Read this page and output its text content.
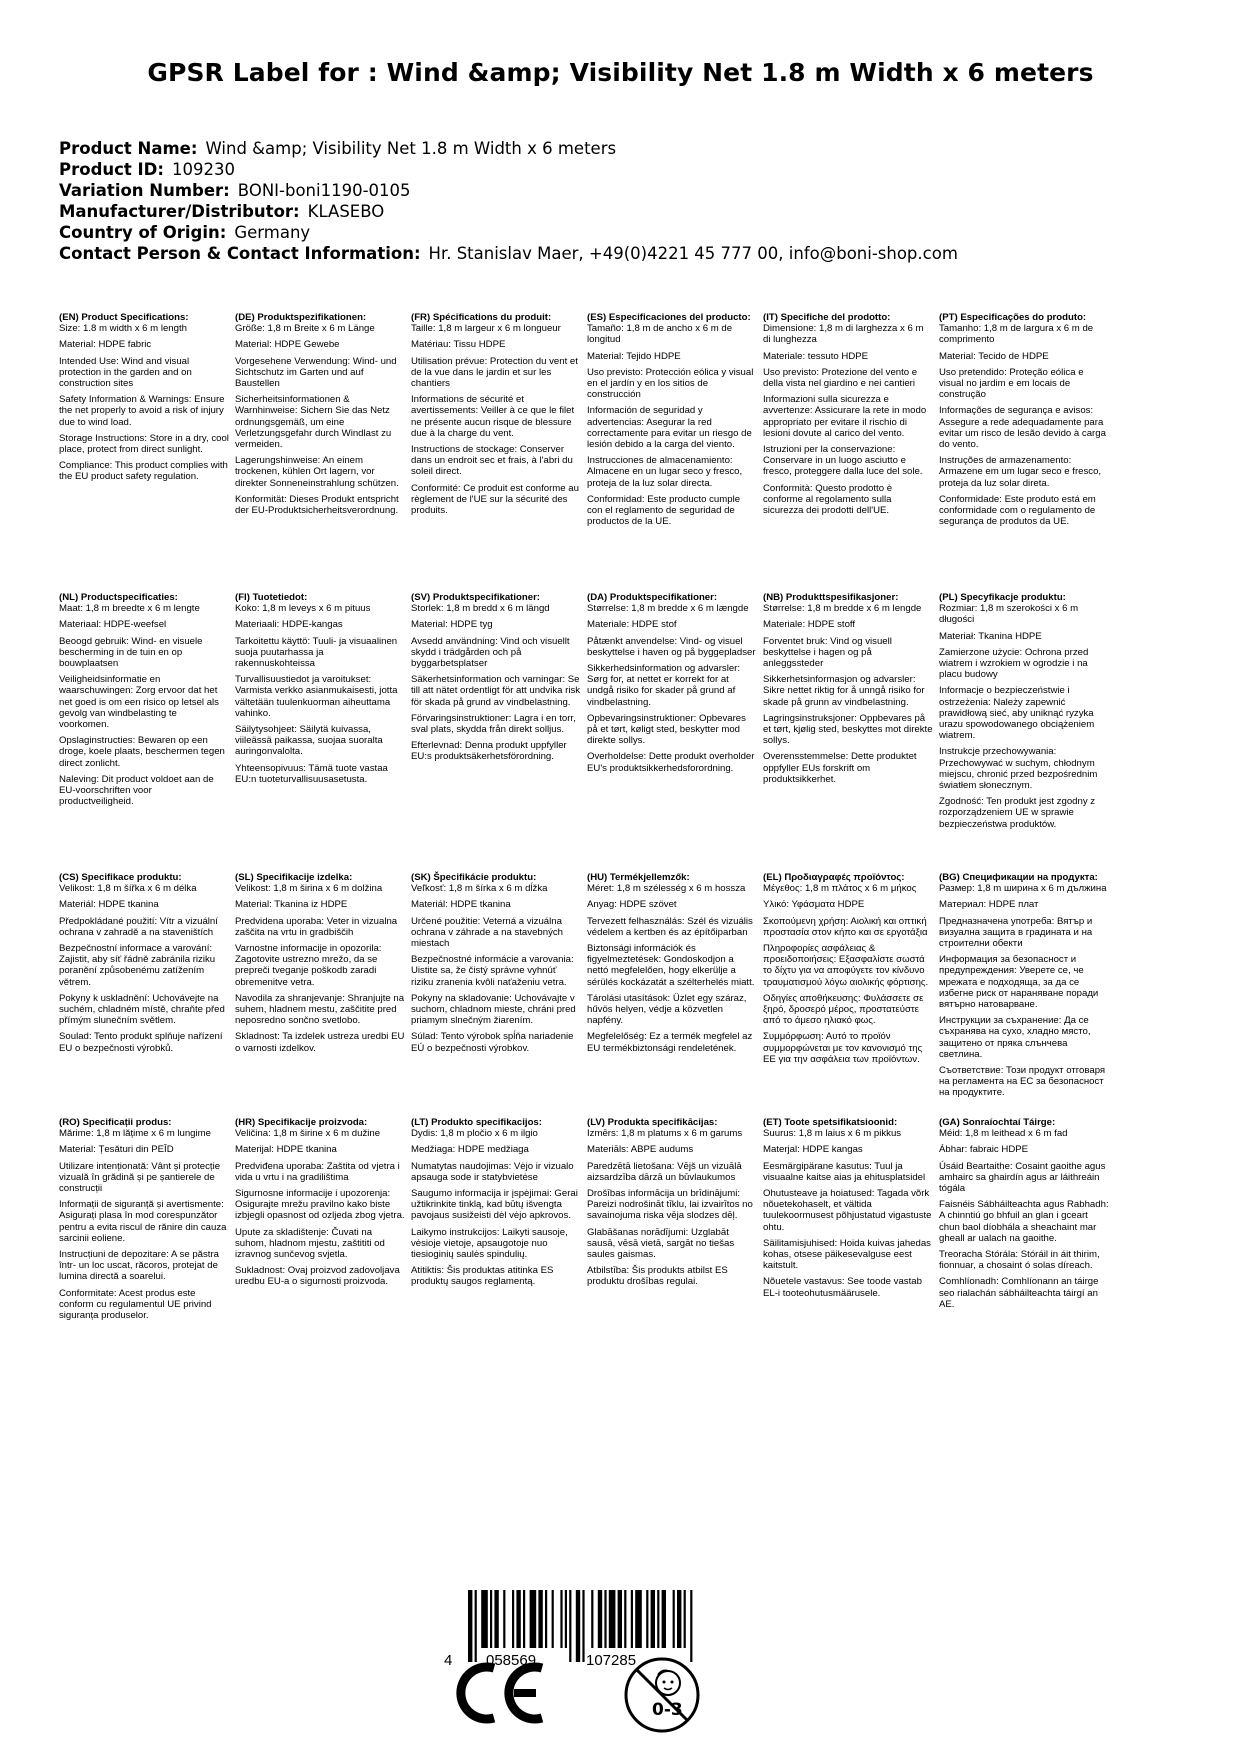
GPSR Label for : Wind &amp; Visibility Net 1.8 m Width x 6 meters
Product Name: Wind &amp; Visibility Net 1.8 m Width x 6 meters
Product ID: 109230
Variation Number: BONI-boni1190-0105
Manufacturer/Distributor: KLASEBO
Country of Origin: Germany
Contact Person & Contact Information: Hr. Stanislav Maer, +49(0)4221 45 777 00, info@boni-shop.com
(EN) Product Specifications:

Size: 1.8 m width x 6 m length

Material: HDPE fabric

Intended Use: Wind and visual protection in the garden and on construction sites

Safety Information & Warnings: Ensure the net properly to avoid a risk of injury due to wind load.

Storage Instructions: Store in a dry, cool place, protect from direct sunlight.

Compliance: This product complies with the EU product safety regulation.

(DE) Produktspezifikationen:

Größe: 1,8 m Breite x 6 m Länge

Material: HDPE Gewebe

Vorgesehene Verwendung: Wind- und Sichtschutz im Garten und auf Baustellen

Sicherheitsinformationen & Warnhinweise: Sichern Sie das Netz ordnungsgemäß, um eine Verletzungsgefahr durch Windlast zu vermeiden.

Lagerungshinweise: An einem trockenen, kühlen Ort lagern, vor direkter Sonneneinstrahlung schützen.

Konformität: Dieses Produkt entspricht der EU-Produktsicherheitsverordnung.

(FR) Spécifications du produit:

Taille: 1,8 m largeur x 6 m longueur

Matériau: Tissu HDPE

Utilisation prévue: Protection du vent et de la vue dans le jardin et sur les chantiers

Informations de sécurité et avertissements: Veiller à ce que le filet ne présente aucun risque de blessure due à la charge du vent.

Instructions de stockage: Conserver dans un endroit sec et frais, à l'abri du soleil direct.

Conformité: Ce produit est conforme au règlement de l'UE sur la sécurité des produits.

(ES) Especificaciones del producto:

Tamaño: 1,8 m de ancho x 6 m de longitud

Material: Tejido HDPE

Uso previsto: Protección eólica y visual en el jardín y en los sitios de construcción

Información de seguridad y advertencias: Asegurar la red correctamente para evitar un riesgo de lesión debido a la carga del viento.

Instrucciones de almacenamiento: Almacene en un lugar seco y fresco, proteja de la luz solar directa.

Conformidad: Este producto cumple con el reglamento de seguridad de productos de la UE.

(IT) Specifiche del prodotto:

Dimensione: 1,8 m di larghezza x 6 m di lunghezza

Materiale: tessuto HDPE

Uso previsto: Protezione del vento e della vista nel giardino e nei cantieri

Informazioni sulla sicurezza e avvertenze: Assicurare la rete in modo appropriato per evitare il rischio di lesioni dovute al carico del vento.

Istruzioni per la conservazione: Conservare in un luogo asciutto e fresco, proteggere dalla luce del sole.

Conformità: Questo prodotto è conforme al regolamento sulla sicurezza dei prodotti dell'UE.

(PT) Especificações do produto:

Tamanho: 1,8 m de largura x 6 m de comprimento

Material: Tecido de HDPE

Uso pretendido: Proteção eólica e visual no jardim e em locais de construção

Informações de segurança e avisos: Assegure a rede adequadamente para evitar um risco de lesão devido à carga do vento.

Instruções de armazenamento: Armazene em um lugar seco e fresco, proteja da luz solar direta.

Conformidade: Este produto está em conformidade com o regulamento de segurança de produtos da UE.

(NL) Productspecificaties:

Maat: 1,8 m breedte x 6 m lengte

Materiaal: HDPE-weefsel

Beoogd gebruik: Wind- en visuele bescherming in de tuin en op bouwplaatsen

Veiligheidsinformatie en waarschuwingen: Zorg ervoor dat het net goed is om een risico op letsel als gevolg van windbelasting te voorkomen.

Opslaginstructies: Bewaren op een droge, koele plaats, beschermen tegen direct zonlicht.

Naleving: Dit product voldoet aan de EU-voorschriften voor productveiligheid.

(FI) Tuotetiedot:

Koko: 1,8 m leveys x 6 m pituus

Materiaali: HDPE-kangas

Tarkoitettu käyttö: Tuuli- ja visuaalinen suoja puutarhassa ja rakennuskohteissa

Turvallisuustiedot ja varoitukset: Varmista verkko asianmukaisesti, jotta vältetään tuulenkuorman aiheuttama vahinko.

Säilytysohjeet: Säilytä kuivassa, viileässä paikassa, suojaa suoralta auringonvalolta.

Yhteensopivuus: Tämä tuote vastaa EU:n tuoteturvallisuusasetusta.

(SV) Produktspecifikationer:

Storlek: 1,8 m bredd x 6 m längd

Material: HDPE tyg

Avsedd användning: Vind och visuellt skydd i trädgården och på byggarbetsplatser

Säkerhetsinformation och varningar: Se till att nätet ordentligt för att undvika risk för skada på grund av vindbelastning.

Förvaringsinstruktioner: Lagra i en torr, sval plats, skydda från direkt solljus.

Efterlevnad: Denna produkt uppfyller EU:s produktsäkerhetsförordning.

(DA) Produktspecifikationer:

Størrelse: 1,8 m bredde x 6 m længde

Materiale: HDPE stof

Påtænkt anvendelse: Vind- og visuel beskyttelse i haven og på byggepladser

Sikkerhedsinformation og advarsler: Sørg for, at nettet er korrekt for at undgå risiko for skader på grund af vindbelastning.

Opbevaringsinstruktioner: Opbevares på et tørt, køligt sted, beskytter mod direkte sollys.

Overholdelse: Dette produkt overholder EU's produktsikkerhedsforordning.

(NB) Produkttspesifikasjoner:

Størrelse: 1,8 m bredde x 6 m lengde

Materiale: HDPE stoff

Forventet bruk: Vind og visuell beskyttelse i hagen og på anleggssteder

Sikkerhetsinformasjon og advarsler: Sikre nettet riktig for å unngå risiko for skade på grunn av vindbelastning.

Lagringsinstruksjoner: Oppbevares på et tørt, kjølig sted, beskyttes mot direkte sollys.

Overensstemmelse: Dette produktet oppfyller EUs forskrift om produktsikkerhet.

(PL) Specyfikacje produktu:

Rozmiar: 1,8 m szerokości x 6 m długości

Materiał: Tkanina HDPE

Zamierzone użycie: Ochrona przed wiatrem i wzrokiem w ogrodzie i na placu budowy

Informacje o bezpieczeństwie i ostrzeżenia: Należy zapewnić prawidłową sieć, aby uniknąć ryzyka urazu spowodowanego obciążeniem wiatrem.

Instrukcje przechowywania: Przechowywać w suchym, chłodnym miejscu, chronić przed bezpośrednim światłem słonecznym.

Zgodność: Ten produkt jest zgodny z rozporządzeniem UE w sprawie bezpieczeństwa produktów.

(CS) Specifikace produktu:

Velikost: 1,8 m šířka x 6 m délka

Materiál: HDPE tkanina

Předpokládané použití: Vítr a vizuální ochrana v zahradě a na staveništích

Bezpečnostní informace a varování: Zajistit, aby síť řádně zabránila riziku poranění způsobenému zatížením větrem.

Pokyny k uskladnění: Uchovávejte na suchém, chladném místě, chraňte před přímým slunečním světlem.

Soulad: Tento produkt splňuje nařízení EU o bezpečnosti výrobků.

(SL) Specifikacije izdelka:

Velikost: 1,8 m širina x 6 m dolžina

Material: Tkanina iz HDPE

Predvidena uporaba: Veter in vizualna zaščita na vrtu in gradbiščih

Varnostne informacije in opozorila: Zagotovite ustrezno mrežo, da se prepreči tveganje poškodb zaradi obremenitve vetra.

Navodila za shranjevanje: Shranjujte na suhem, hladnem mestu, zaščitite pred neposredno sončno svetlobo.

Skladnost: Ta izdelek ustreza uredbi EU o varnosti izdelkov.

(SK) Špecifikácie produktu:

Veľkosť: 1,8 m šírka x 6 m dĺžka

Materiál: HDPE tkanina

Určené použitie: Veterná a vizuálna ochrana v záhrade a na stavebných miestach

Bezpečnostné informácie a varovania: Uistite sa, že čistý správne vyhnúť riziku zranenia kvôli naťaženiu vetra.

Pokyny na skladovanie: Uchovávajte v suchom, chladnom mieste, chráni pred priamym slnečným žiarením.

Súlad: Tento výrobok spĺňa nariadenie EÚ o bezpečnosti výrobkov.

(HU) Termékjellemzők:

Méret: 1,8 m szélesség x 6 m hossza

Anyag: HDPE szövet

Tervezett felhasználás: Szél és vizuális védelem a kertben és az építőiparban

Biztonsági információk és figyelmeztetések: Gondoskodjon a nettó megfelelően, hogy elkerülje a sérülés kockázatát a szélterhelés miatt.

Tárolási utasítások: Üzlet egy száraz, hűvös helyen, védje a közvetlen napfény.

Megfelelőség: Ez a termék megfelel az EU termékbiztonsági rendeletének.

(EL) Προδιαγραφές προϊόντος:

Μέγεθος: 1,8 m πλάτος x 6 m μήκος

Υλικό: Υφάσματα HDPE

Σκοπούμενη χρήση: Αιολική και οπτική προστασία στον κήπο και σε εργοτάξια

Πληροφορίες ασφάλειας & προειδοποιήσεις: Εξασφαλίστε σωστά το δίχτυ για να αποφύγετε τον κίνδυνο τραυματισμού λόγω αιολικής φόρτισης.

Οδηγίες αποθήκευσης: Φυλάσσετε σε ξηρό, δροσερό μέρος, προστατεύστε από το άμεσο ηλιακό φως.

Συμμόρφωση: Αυτό το προϊόν συμμορφώνεται με τον κανονισμό της ΕΕ για την ασφάλεια των προϊόντων.

(BG) Спецификации на продукта:

Размер: 1,8 m ширина x 6 m дължина

Материал: HDPE плат

Предназначена употреба: Вятър и визуална защита в градината и на строителни обекти

Информация за безопасност и предупреждения: Уверете се, че мрежата е подходяща, за да се избегне риск от нараняване поради вятърно натоварване.

Инструкции за съхранение: Да се съхранява на сухо, хладно място, защитено от пряка слънчева светлина.

Съответствие: Този продукт отговаря на регламента на ЕС за безопасност на продуктите.

(RO) Specificații produs:

Mărime: 1,8 m lățime x 6 m lungime

Material: Țesături din PEÎD

Utilizare intenționată: Vânt și protecție vizuală în grădină și pe șantierele de construcții

Informații de siguranță și avertismente: Asigurați plasa în mod corespunzător pentru a evita riscul de rănire din cauza sarcinii eoliene.

Instrucțiuni de depozitare: A se păstra într- un loc uscat, răcoros, protejat de lumina directă a soarelui.

Conformitate: Acest produs este conform cu regulamentul UE privind siguranța produselor.

(HR) Specifikacije proizvoda:

Veličina: 1,8 m širine x 6 m dužine

Materijal: HDPE tkanina

Predviđena uporaba: Zaštita od vjetra i vida u vrtu i na gradilištima

Sigurnosne informacije i upozorenja: Osigurajte mrežu pravilno kako biste izbjegli opasnost od ozljeda zbog vjetra.

Upute za skladištenje: Čuvati na suhom, hladnom mjestu, zaštititi od izravnog sunčevog svjetla.

Sukladnost: Ovaj proizvod zadovoljava uredbu EU-a o sigurnosti proizvoda.

(LT) Produkto specifikacijos:

Dydis: 1,8 m pločio x 6 m ilgio

Medžiaga: HDPE medžiaga

Numatytas naudojimas: Vėjo ir vizualo apsauga sode ir statybvietėse

Saugumo informacija ir įspėjimai: Gerai užtikrinkite tinklą, kad būtų išvengta pavojaus susižeisti dėl vėjo apkrovos.

Laikymo instrukcijos: Laikyti sausoje, vėsioje vietoje, apsaugotoje nuo tiesioginių saulės spindulių.

Atitiktis: Šis produktas atitinka ES produktų saugos reglamentą.

(LV) Produkta specifikācijas:

Izmērs: 1,8 m platums x 6 m garums

Materiāls: ABPE audums

Paredzētā lietošana: Vējš un vizuālā aizsardzība dārzā un būvlaukumos

Drošības informācija un brīdinājumi: Pareizi nodrošināt tīklu, lai izvairītos no savainojuma riska vēja slodzes dēļ.

Glabāšanas norādījumi: Uzglabāt sausā, vēsā vietā, sargāt no tiešas saules gaismas.

Atbilstība: Šis produkts atbilst ES produktu drošības regulai.

(ET) Toote spetsifikatsioonid:

Suurus: 1,8 m laius x 6 m pikkus

Materjal: HDPE kangas

Eesmärgipärane kasutus: Tuul ja visuaalne kaitse aias ja ehitusplatsidel

Ohutusteave ja hoiatused: Tagada võrk nõuetekohaselt, et vältida tuulekoormusest põhjustatud vigastuste ohtu.

Säilitamisjuhised: Hoida kuivas jahedas kohas, otsese päikesevalguse eest kaitstult.

Nõuetele vastavus: See toode vastab EL-i tooteohutusmäärusele.

(GA) Sonraíochtaí Táirge:

Méid: 1,8 m leithead x 6 m fad

Ábhar: fabraic HDPE

Úsáid Beartaithe: Cosaint gaoithe agus amhairc sa ghairdín agus ar láithreáin tógála

Faisnéis Sábháilteachta agus Rabhadh: A chinntiú go bhfuil an glan i gceart chun baol díobhála a sheachaint mar gheall ar ualach na gaoithe.

Treoracha Stórála: Stóráil in áit thirim, fionnuar, a chosaint ó solas díreach.

Comhlíonadh: Comhlíonann an táirge seo rialachán sábháilteachta táirgí an AE.

4 058569	107285
0-3
